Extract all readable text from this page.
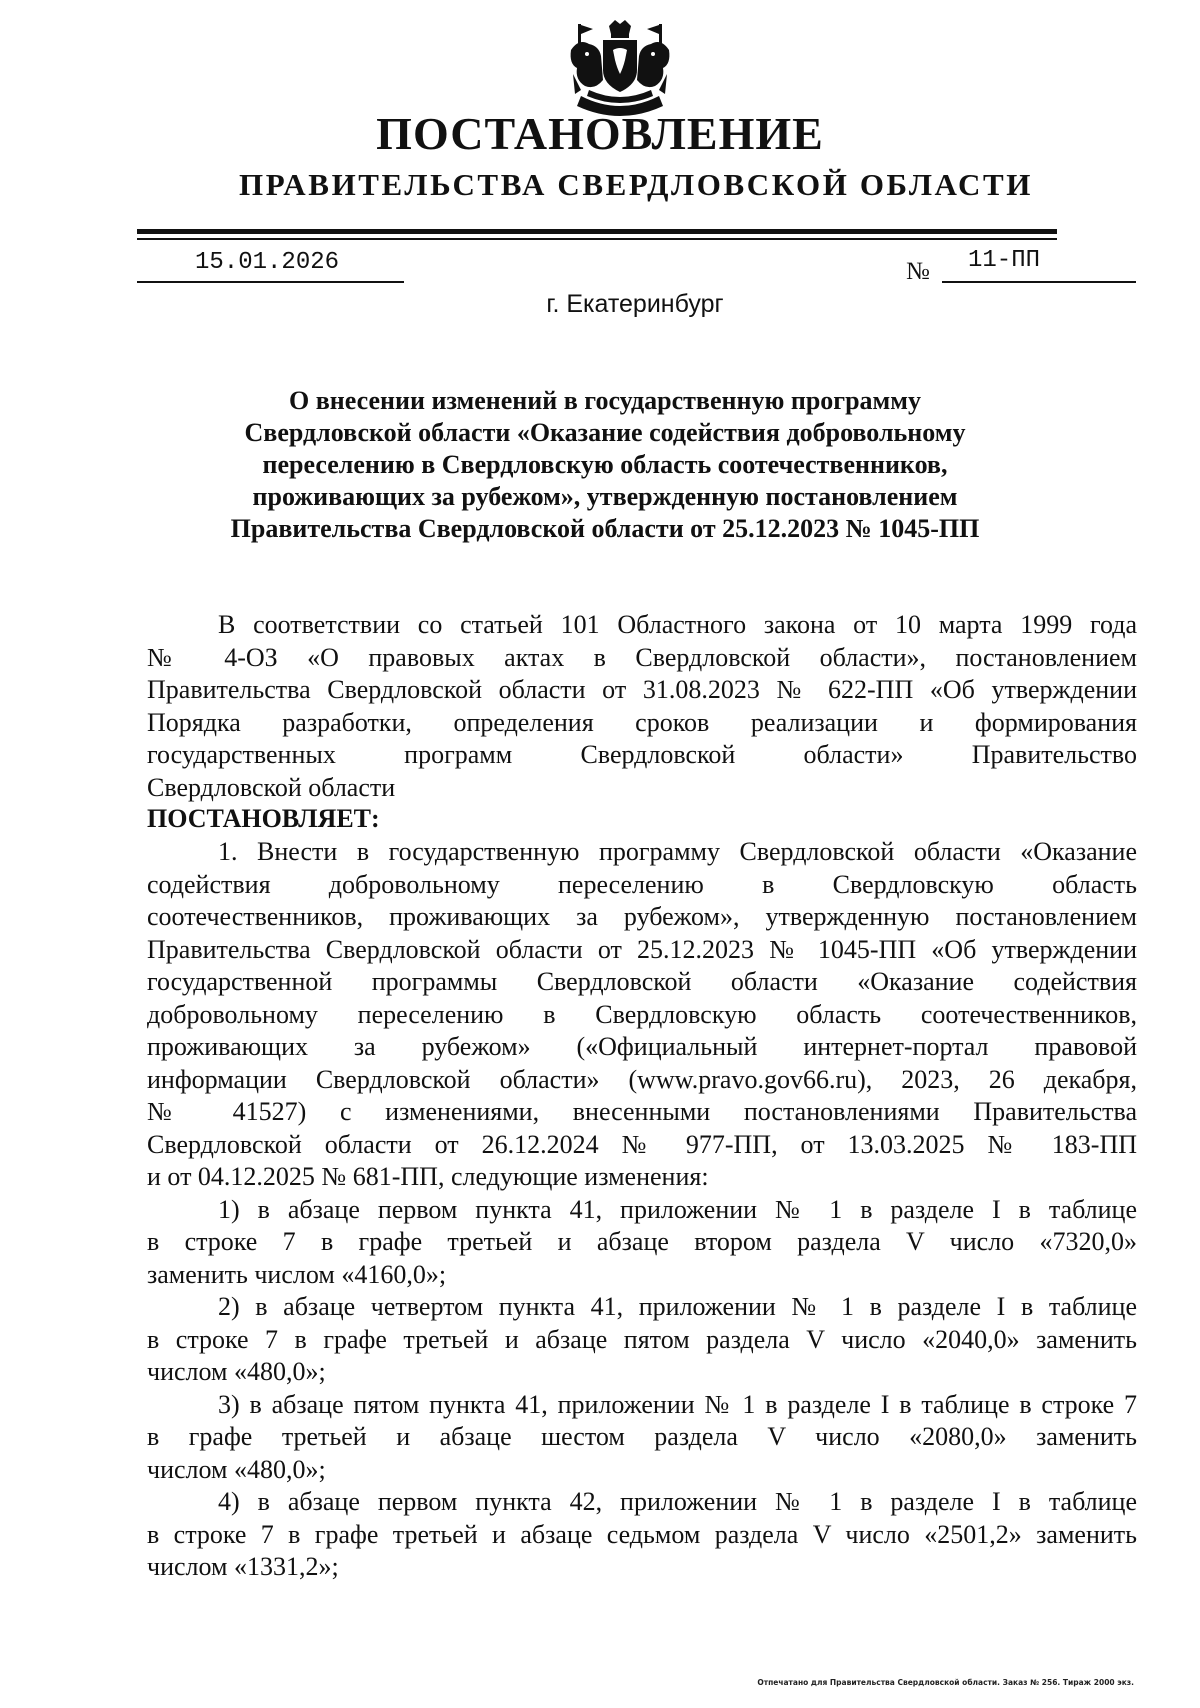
ПОСТАНОВЛЕНИЕ
ПРАВИТЕЛЬСТВА СВЕРДЛОВСКОЙ ОБЛАСТИ
15.01.2026	№ 11-ПП
г. Екатеринбург
О внесении изменений в государственную программу
Свердловской области «Оказание содействия добровольному
переселению в Свердловскую область соотечественников,
проживающих за рубежом», утвержденную постановлением
Правительства Свердловской области от 25.12.2023 № 1045-ПП
В соответствии со статьей 101 Областного закона от 10 марта 1999 года
№ 4-ОЗ «О правовых актах в Свердловской области», постановлением
Правительства Свердловской области от 31.08.2023 № 622-ПП «Об утверждении
Порядка разработки, определения сроков реализации и формирования
государственных программ Свердловской области» Правительство
Свердловской области
ПОСТАНОВЛЯЕТ:
1. Внести в государственную программу Свердловской области «Оказание
содействия добровольному переселению в Свердловскую область
соотечественников, проживающих за рубежом», утвержденную постановлением
Правительства Свердловской области от 25.12.2023 № 1045-ПП «Об утверждении
государственной программы Свердловской области «Оказание содействия
добровольному переселению в Свердловскую область соотечественников,
проживающих за рубежом» («Официальный интернет-портал правовой
информации Свердловской области» (www.pravo.gov66.ru), 2023, 26 декабря,
№ 41527) с изменениями, внесенными постановлениями Правительства
Свердловской области от 26.12.2024 № 977-ПП, от 13.03.2025 № 183-ПП
и от 04.12.2025 № 681-ПП, следующие изменения:
1) в абзаце первом пункта 41, приложении № 1 в разделе I в таблице
в строке 7 в графе третьей и абзаце втором раздела V число «7320,0»
заменить числом «4160,0»;
2) в абзаце четвертом пункта 41, приложении № 1 в разделе I в таблице
в строке 7 в графе третьей и абзаце пятом раздела V число «2040,0» заменить
числом «480,0»;
3) в абзаце пятом пункта 41, приложении № 1 в разделе I в таблице в строке 7
в графе третьей и абзаце шестом раздела V число «2080,0» заменить
числом «480,0»;
4) в абзаце первом пункта 42, приложении № 1 в разделе I в таблице
в строке 7 в графе третьей и абзаце седьмом раздела V число «2501,2» заменить
числом «1331,2»;
Отпечатано для Правительства Свердловской области. Заказ № 256. Тираж 2000 экз.
